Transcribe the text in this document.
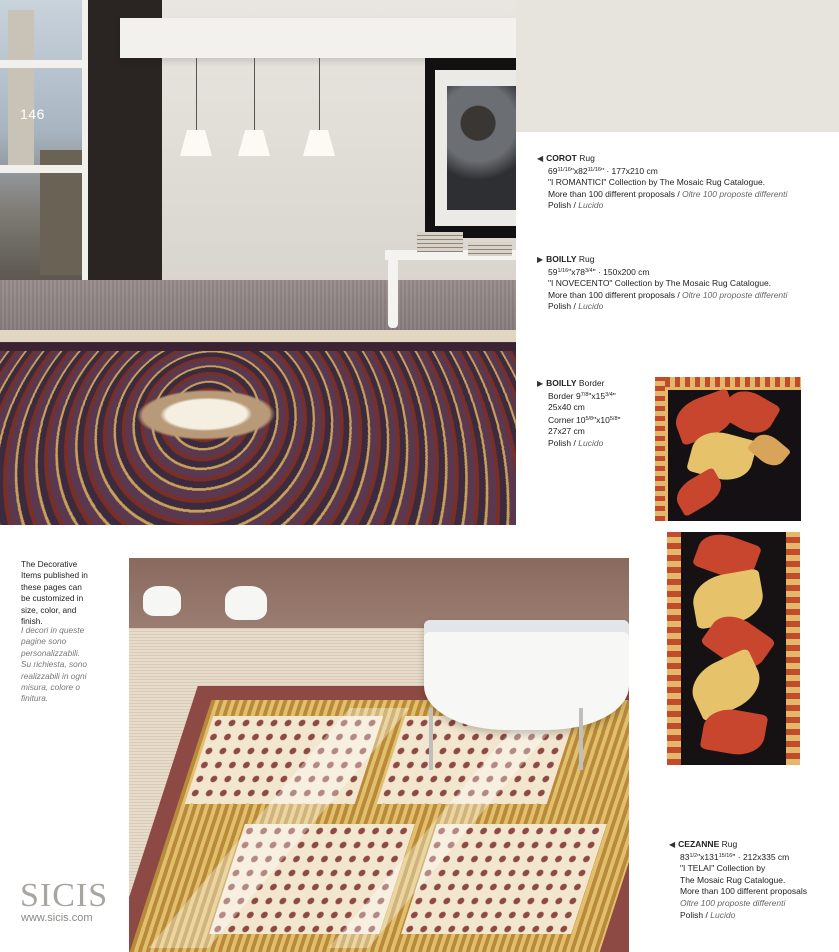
146
◀ COROT Rug
$69^{11/16}"x82^{11/16}$" · 177x210 cm
"I ROMANTICI" Collection by The Mosaic Rug Catalogue.
More than 100 different proposals / Oltre 100 proposte differenti
Polish / Lucido
▶ BOILLY Rug
$59^{1/16}"x78^{3/4}$" · 150x200 cm
"I NOVECENTO" Collection by The Mosaic Rug Catalogue.
More than 100 different proposals / Oltre 100 proposte differenti
Polish / Lucido
▶ BOILLY Border
Border $9^{7/8}"x15^{3/4}$"
25x40 cm
Corner $10^{5/8}"x10^{5/8}$"
27x27 cm
Polish / Lucido
The Decorative Items published in these pages can be customized in size, color, and finish.
I decori in queste pagine sono personalizzabili. Su richiesta, sono realizzabili in ogni misura, colore o finitura.
SICIS
www.sicis.com
◀ CEZANNE Rug
$83^{1/2}"x131^{15/16}$" · 212x335 cm
"I TELAI" Collection by
The Mosaic Rug Catalogue.
More than 100 different proposals
Oltre 100 proposte differenti
Polish / Lucido
